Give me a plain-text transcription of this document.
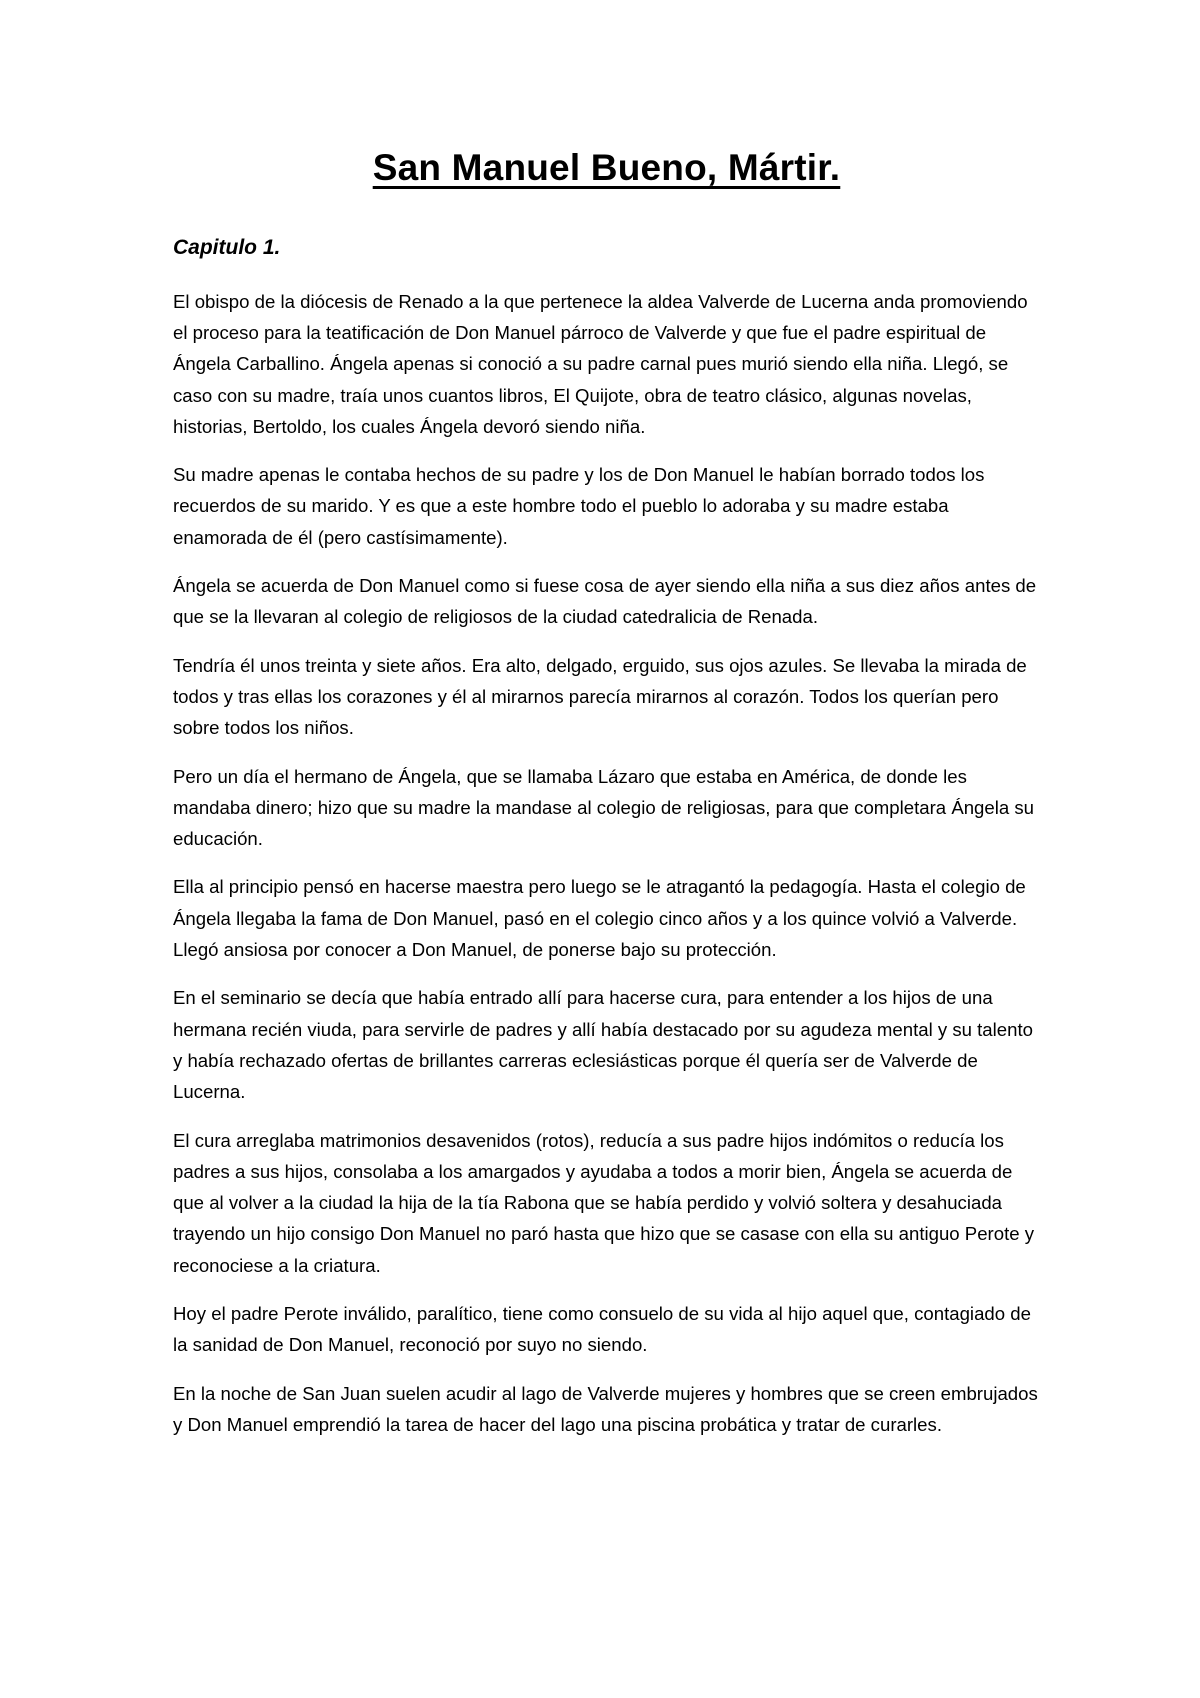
San Manuel Bueno, Mártir.
Capitulo 1.

El obispo de la diócesis de Renado a la que pertenece la aldea Valverde de Lucerna anda promoviendo el proceso para la teatificación de Don Manuel párroco de Valverde y que fue el padre espiritual de Ángela Carballino. Ángela apenas si conoció a su padre carnal pues murió siendo ella niña. Llegó, se caso con su madre, traía unos cuantos libros, El Quijote, obra de teatro clásico, algunas novelas, historias, Bertoldo, los cuales Ángela devoró siendo niña.

Su madre apenas le contaba hechos de su padre y los de Don Manuel le habían borrado todos los recuerdos de su marido. Y es que a este hombre todo el pueblo lo adoraba y su madre estaba enamorada de él (pero castísimamente).

Ángela se acuerda de Don Manuel como si fuese cosa de ayer siendo ella niña a sus diez años antes de que se la llevaran al colegio de religiosos de la ciudad catedralicia de Renada.

Tendría él unos treinta y siete años. Era alto, delgado, erguido, sus ojos azules. Se llevaba la mirada de todos y tras ellas los corazones y él al mirarnos parecía mirarnos al corazón. Todos los querían pero sobre todos los niños.

Pero un día el hermano de Ángela, que se llamaba Lázaro que estaba en América, de donde les mandaba dinero; hizo que su madre la mandase al colegio de religiosas, para que completara Ángela su educación.

Ella al principio pensó en hacerse maestra pero luego se le atragantó la pedagogía. Hasta el colegio de Ángela llegaba la fama de Don Manuel, pasó en el colegio cinco años y a los quince volvió a Valverde. Llegó ansiosa por conocer a Don Manuel, de ponerse bajo su protección.

En el seminario se decía que había entrado allí para hacerse cura, para entender a los hijos de una hermana recién viuda, para servirle de padres y allí había destacado por su agudeza mental y su talento y había rechazado ofertas de brillantes carreras eclesiásticas porque él quería ser de Valverde de Lucerna.

El cura arreglaba matrimonios desavenidos (rotos), reducía a sus padre hijos indómitos o reducía los padres a sus hijos, consolaba a los amargados y ayudaba a todos a morir bien, Ángela se acuerda de que al volver a la ciudad la hija de la tía Rabona que se había perdido y volvió soltera y desahuciada trayendo un hijo consigo Don Manuel no paró hasta que hizo que se casase con ella su antiguo Perote y reconociese a la criatura.

Hoy el padre Perote inválido, paralítico, tiene como consuelo de su vida al hijo aquel que, contagiado de la sanidad de Don Manuel, reconoció por suyo no siendo.

En la noche de San Juan suelen acudir al lago de Valverde mujeres y hombres que se creen embrujados y Don Manuel emprendió la tarea de hacer del lago una piscina probática y tratar de curarles.
